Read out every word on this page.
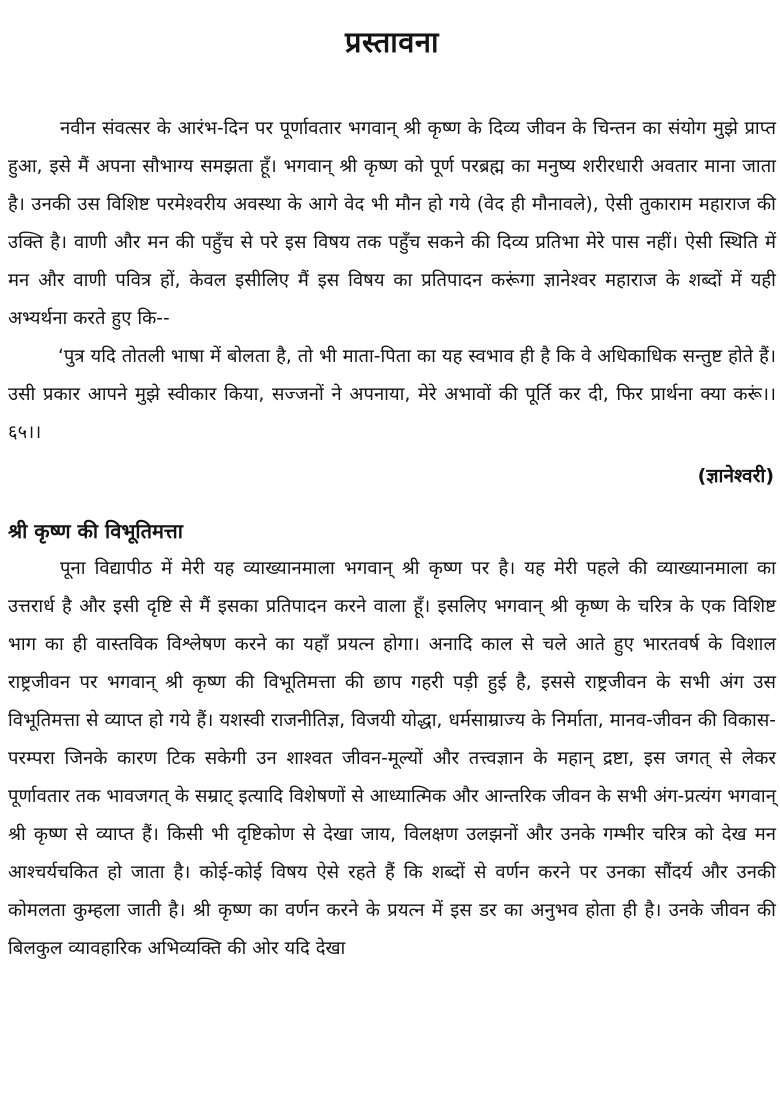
प्रस्तावना

नवीन संवत्सर के आरंभ-दिन पर पूर्णावतार भगवान् श्री कृष्ण के दिव्य जीवन के चिन्तन का संयोग मुझे प्राप्त हुआ, इसे मैं अपना सौभाग्य समझता हूँ। भगवान् श्री कृष्ण को पूर्ण परब्रह्म का मनुष्य शरीरधारी अवतार माना जाता है। उनकी उस विशिष्ट परमेश्वरीय अवस्था के आगे वेद भी मौन हो गये (वेद ही मौनावले), ऐसी तुकाराम महाराज की उक्ति है। वाणी और मन की पहुँच से परे इस विषय तक पहुँच सकने की दिव्य प्रतिभा मेरे पास नहीं। ऐसी स्थिति में मन और वाणी पवित्र हों, केवल इसीलिए मैं इस विषय का प्रतिपादन करूंगा ज्ञानेश्वर महाराज के शब्दों में यही अभ्यर्थना करते हुए कि--

‘पुत्र यदि तोतली भाषा में बोलता है, तो भी माता-पिता का यह स्वभाव ही है कि वे अधिकाधिक सन्तुष्ट होते हैं। उसी प्रकार आपने मुझे स्वीकार किया, सज्जनों ने अपनाया, मेरे अभावों की पूर्ति कर दी, फिर प्रार्थना क्या करूं।। ६५।।

(ज्ञानेश्वरी)
श्री कृष्ण की विभूतिमत्ता

पूना विद्यापीठ में मेरी यह व्याख्यानमाला भगवान् श्री कृष्ण पर है। यह मेरी पहले की व्याख्यानमाला का उत्तरार्ध है और इसी दृष्टि से मैं इसका प्रतिपादन करने वाला हूँ। इसलिए भगवान् श्री कृष्ण के चरित्र के एक विशिष्ट भाग का ही वास्तविक विश्लेषण करने का यहाँ प्रयत्न होगा। अनादि काल से चले आते हुए भारतवर्ष के विशाल राष्ट्रजीवन पर भगवान् श्री कृष्ण की विभूतिमत्ता की छाप गहरी पड़ी हुई है, इससे राष्ट्रजीवन के सभी अंग उस विभूतिमत्ता से व्याप्त हो गये हैं। यशस्वी राजनीतिज्ञ, विजयी योद्धा, धर्मसाम्राज्य के निर्माता, मानव-जीवन की विकास-परम्परा जिनके कारण टिक सकेगी उन शाश्वत जीवन-मूल्यों और तत्त्वज्ञान के महान् द्रष्टा, इस जगत् से लेकर पूर्णावतार तक भावजगत् के सम्राट् इत्यादि विशेषणों से आध्यात्मिक और आन्तरिक जीवन के सभी अंग-प्रत्यंग भगवान् श्री कृष्ण से व्याप्त हैं। किसी भी दृष्टिकोण से देखा जाय, विलक्षण उलझनों और उनके गम्भीर चरित्र को देख मन आश्चर्यचकित हो जाता है। कोई-कोई विषय ऐसे रहते हैं कि शब्दों से वर्णन करने पर उनका सौंदर्य और उनकी कोमलता कुम्हला जाती है। श्री कृष्ण का वर्णन करने के प्रयत्न में इस डर का अनुभव होता ही है। उनके जीवन की बिलकुल व्यावहारिक अभिव्यक्ति की ओर यदि देखा
